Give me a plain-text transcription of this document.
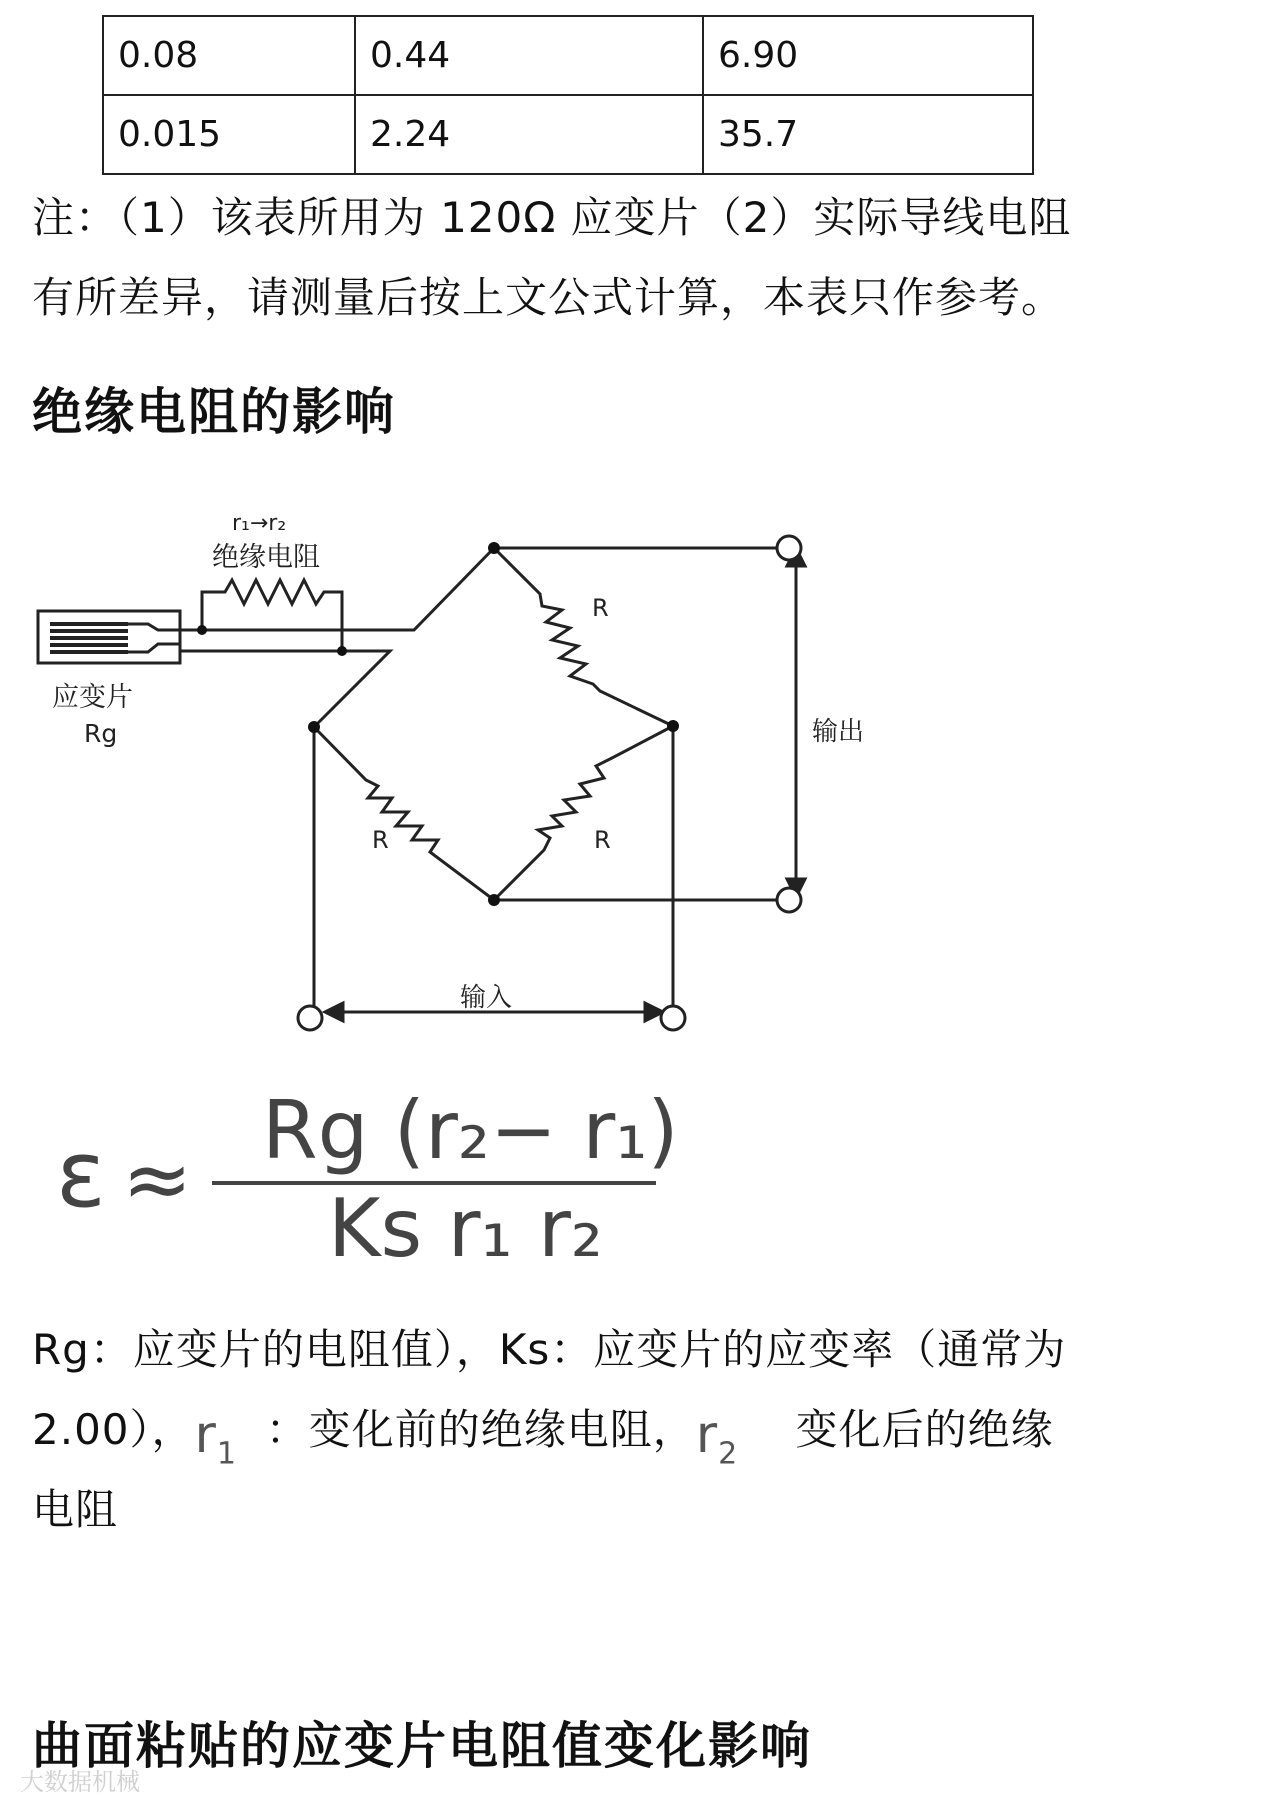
0.08	0.44	6.90
0.015	2.24	35.7
注：（1）该表所用为 120Ω 应变片（2）实际导线电阻
有所差异，请测量后按上文公式计算，本表只作参考。
绝缘电阻的影响
r₁→r₂
绝缘电阻
应变片
Rg
R
R	R
输出
输入
ε ≈ Rg (r₂− r₁)
Ks r₁ r₂
Rg：应变片的电阻值），Ks：应变片的应变率（通常为
2.00），$r_1$ ：变化前的绝缘电阻，$r_2$ 变化后的绝缘
电阻
曲面粘贴的应变片电阻值变化影响
大数据机械
